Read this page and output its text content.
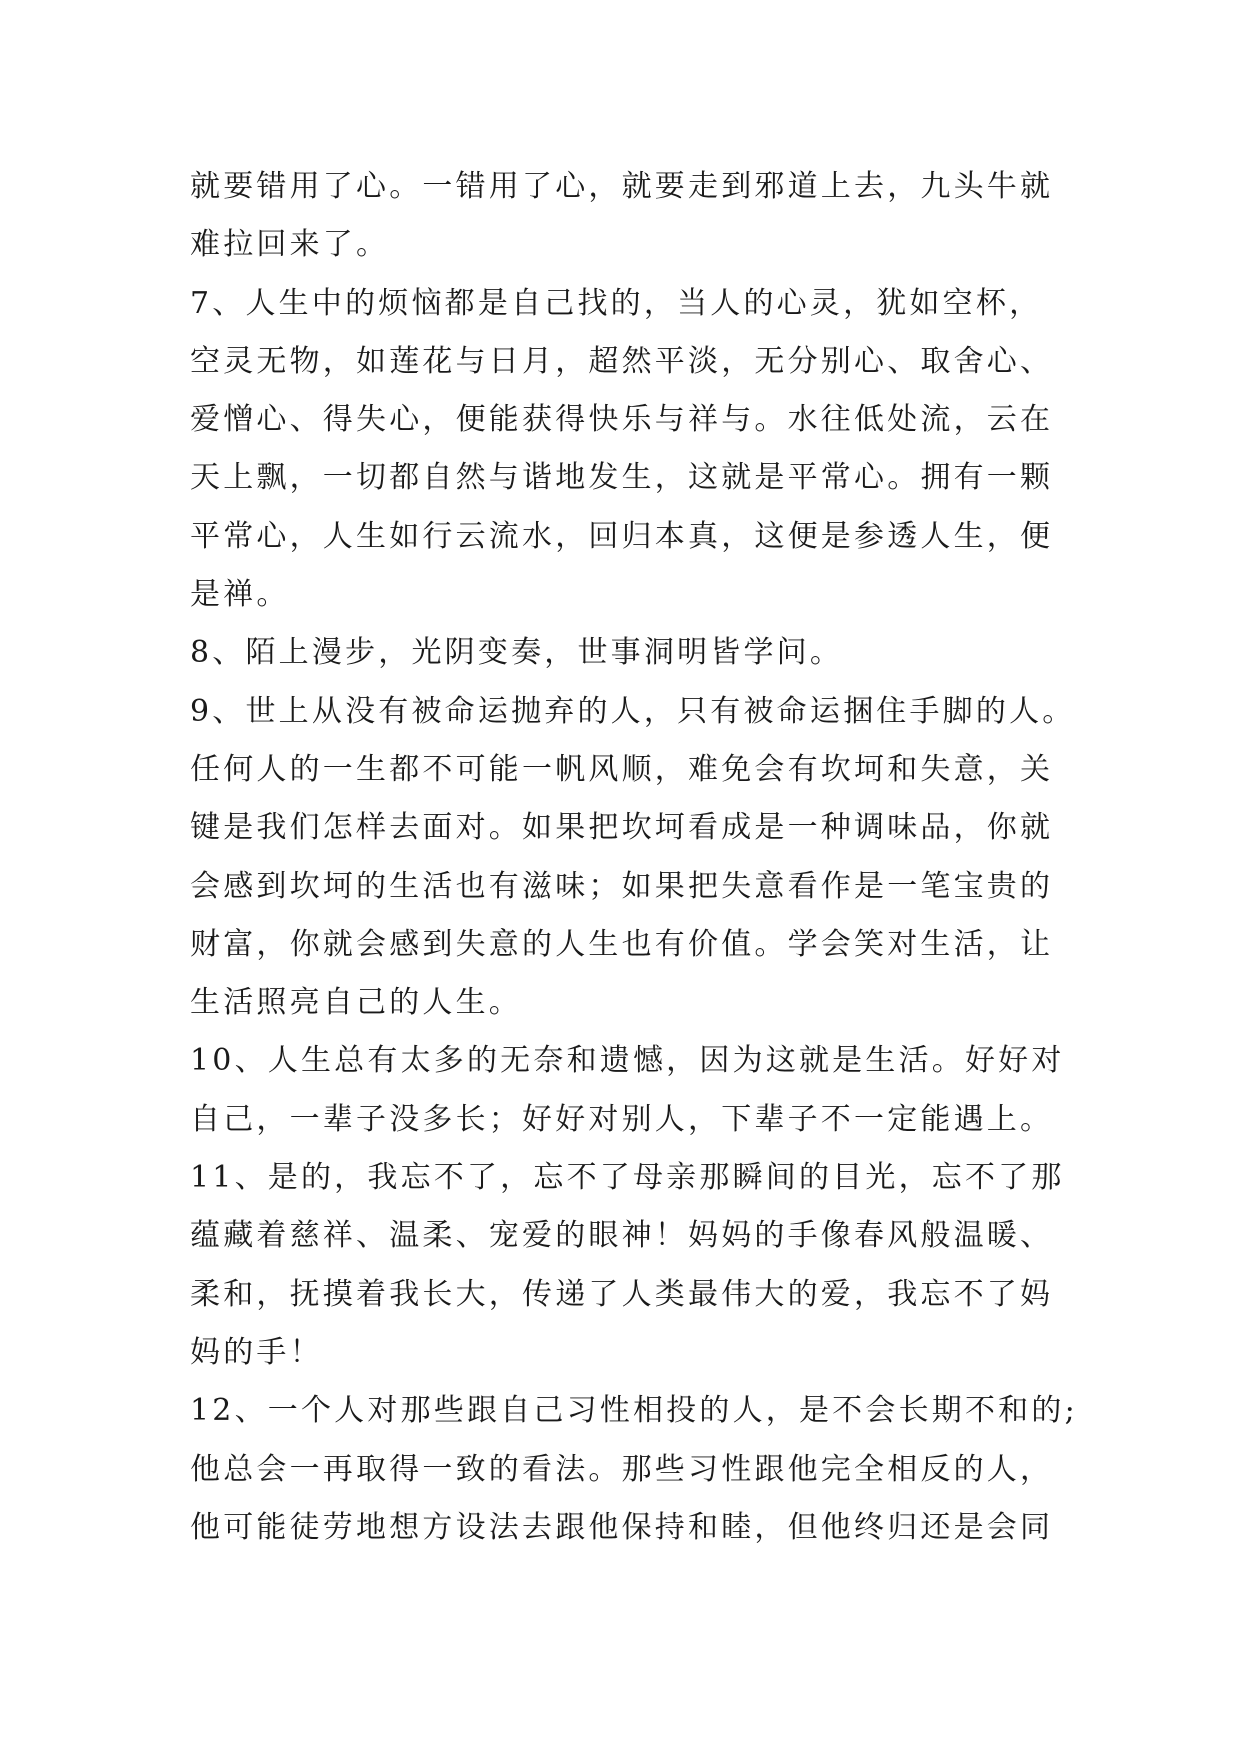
就要错用了心。一错用了心，就要走到邪道上去，九头牛就
难拉回来了。
7、人生中的烦恼都是自己找的，当人的心灵，犹如空杯，
空灵无物，如莲花与日月，超然平淡，无分别心、取舍心、
爱憎心、得失心，便能获得快乐与祥与。水往低处流，云在
天上飘，一切都自然与谐地发生，这就是平常心。拥有一颗
平常心，人生如行云流水，回归本真，这便是参透人生，便
是禅。
8、陌上漫步，光阴变奏，世事洞明皆学问。
9、世上从没有被命运抛弃的人，只有被命运捆住手脚的人。
任何人的一生都不可能一帆风顺，难免会有坎坷和失意，关
键是我们怎样去面对。如果把坎坷看成是一种调味品，你就
会感到坎坷的生活也有滋味；如果把失意看作是一笔宝贵的
财富，你就会感到失意的人生也有价值。学会笑对生活，让
生活照亮自己的人生。
10、人生总有太多的无奈和遗憾，因为这就是生活。好好对
自己，一辈子没多长；好好对别人，下辈子不一定能遇上。
11、是的，我忘不了，忘不了母亲那瞬间的目光，忘不了那
蕴藏着慈祥、温柔、宠爱的眼神！妈妈的手像春风般温暖、
柔和，抚摸着我长大，传递了人类最伟大的爱，我忘不了妈
妈的手！
12、一个人对那些跟自己习性相投的人，是不会长期不和的;
他总会一再取得一致的看法。那些习性跟他完全相反的人，
他可能徒劳地想方设法去跟他保持和睦，但他终归还是会同
